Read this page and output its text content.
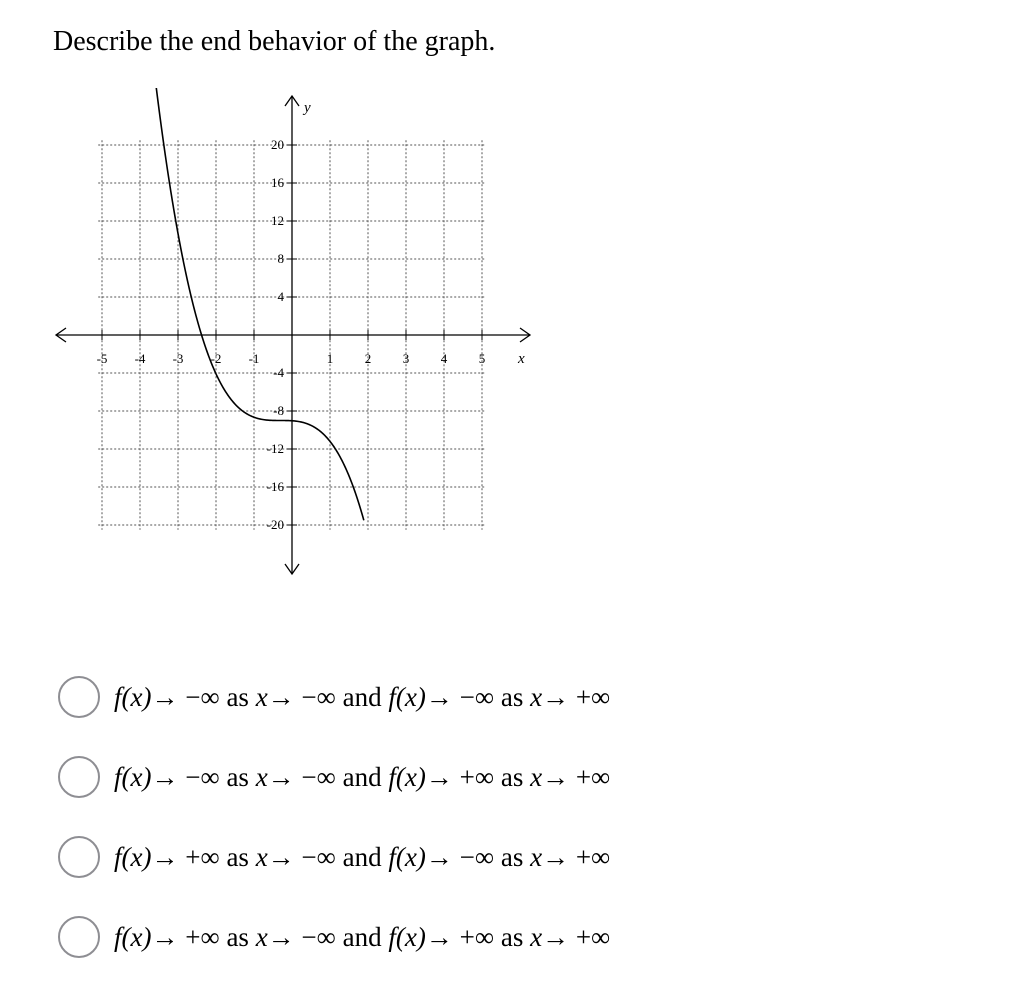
Describe the end behavior of the graph.
y
x
-5 -4 -3 -2 -1	1 2 3 4 5
20
16
12
8
4
-4
-8
-12
-16
-20
f(x)→ −∞ as x→ −∞ and f(x)→ −∞ as x→ +∞
f(x)→ −∞ as x→ −∞ and f(x)→ +∞ as x→ +∞
f(x)→ +∞ as x→ −∞ and f(x)→ −∞ as x→ +∞
f(x)→ +∞ as x→ −∞ and f(x)→ +∞ as x→ +∞
